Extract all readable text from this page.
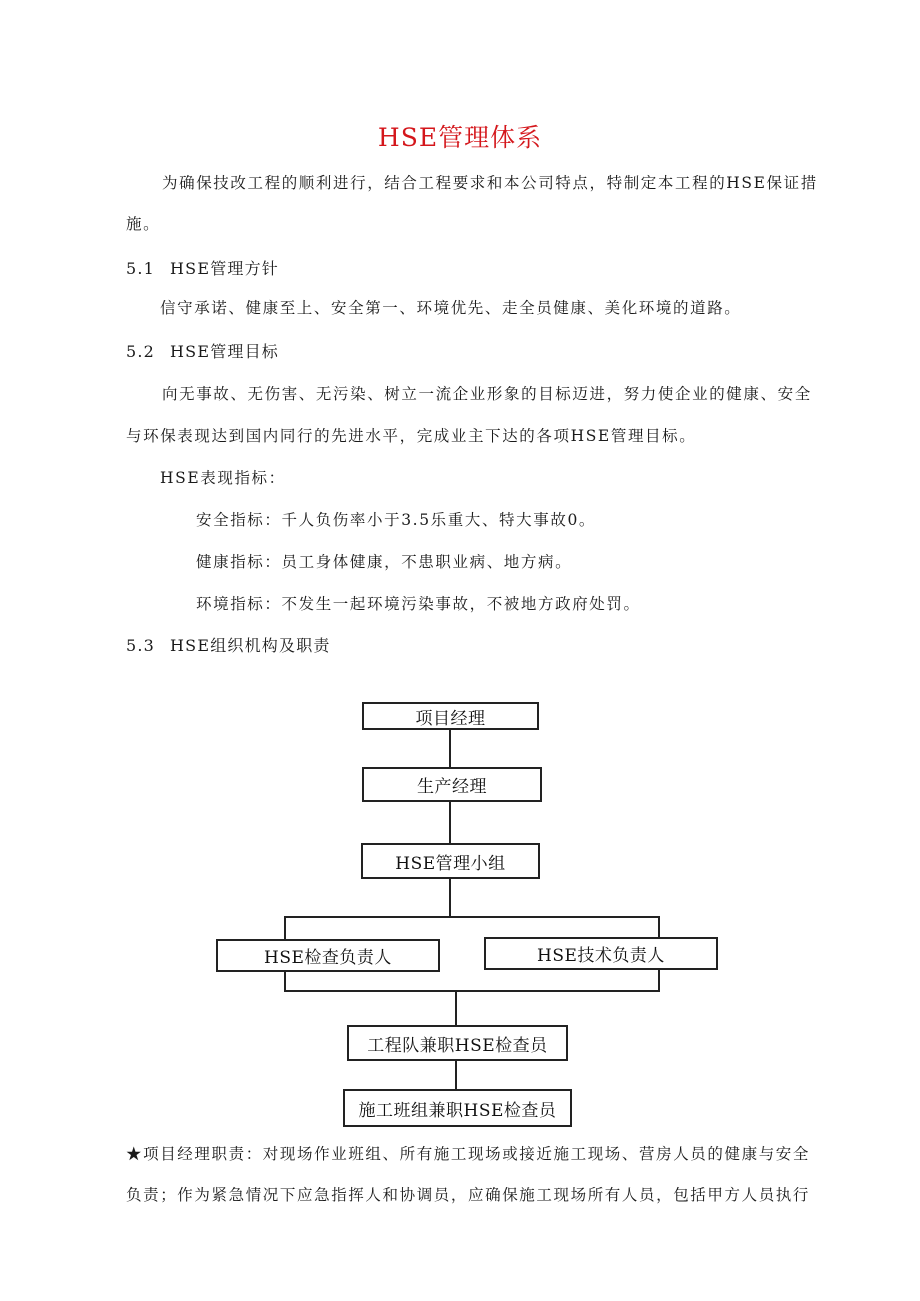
HSE管理体系
为确保技改工程的顺利进行，结合工程要求和本公司特点，特制定本工程的HSE保证措
施。
5.1 HSE管理方针
信守承诺、健康至上、安全第一、环境优先、走全员健康、美化环境的道路。
5.2 HSE管理目标
向无事故、无伤害、无污染、树立一流企业形象的目标迈进，努力使企业的健康、安全
与环保表现达到国内同行的先进水平，完成业主下达的各项HSE管理目标。
HSE表现指标：
安全指标：千人负伤率小于3.5乐重大、特大事故0。
健康指标：员工身体健康，不患职业病、地方病。
环境指标：不发生一起环境污染事故，不被地方政府处罚。
5.3 HSE组织机构及职责
项目经理
生产经理
HSE管理小组
HSE检查负责人	HSE技术负责人
工程队兼职HSE检查员
施工班组兼职HSE检查员
★项目经理职责：对现场作业班组、所有施工现场或接近施工现场、营房人员的健康与安全
负责；作为紧急情况下应急指挥人和协调员，应确保施工现场所有人员，包括甲方人员执行
